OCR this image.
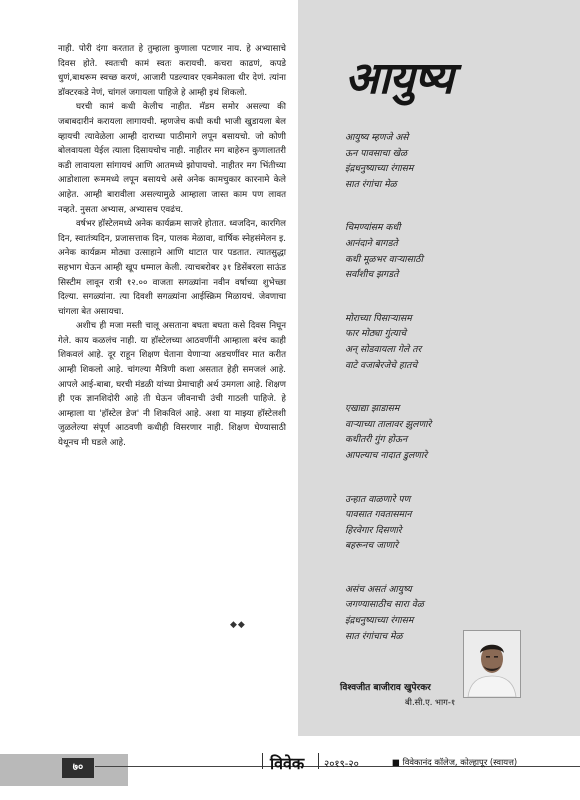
नाही. पोरी दंगा करतात हे तुम्हाला कुणाला पटणार नाय. हे अभ्यासाचे दिवस होते. स्वतःची कामं स्वतः करायची. कचरा काढणं, कपडे धुणं,बाथरूम स्वच्छ करणं, आजारी पडल्यावर एकमेकाला धीर देणं. त्यांना डॉक्टरकडे नेणं, चांगलं जगायला पाहिजे हे आम्ही इथं शिकलो.

घरची कामं कधी केलीच नाहीत. मॅडम समोर असल्या की जबाबदारीनं करायला लागायची. म्हणजेच कधी कधी भाजी खुडायला बेल व्हायची त्यावेळेला आम्ही दाराच्या पाठीमागे लपून बसायचो. जो कोणी बोलवायला येईल त्याला दिसायचोच नाही. नाहीतर मग बाहेरुन कुणालातरी कडी लावायला सांगायचं आणि आतमध्ये झोपायचो. नाहीतर मग भिंतीच्या आडोशाला रूममध्ये लपून बसायचे असे अनेक कामचुकार कारनामे केले आहेत. आम्ही बारावीला असल्यामुळे आम्हाला जास्त काम पण लावत नव्हते. नुसता अभ्यास, अभ्यासच एवढंच.

वर्षभर हॉस्टेलमध्ये अनेक कार्यक्रम साजरे होतात. ध्वजदिन, कारगिल दिन, स्वातंत्र्यदिन, प्रजासत्ताक दिन, पालक मेळावा, वार्षिक स्नेहसंमेलन इ. अनेक कार्यक्रम मोठ्या उत्साहाने आणि थाटात पार पडतात. त्यातसुद्धा सहभाग घेऊन आम्ही खूप धम्माल केली. त्याचबरोबर ३१ डिसेंबरला साऊंड सिस्टीम लावून रात्री १२.०० वाजता सगळ्यांना नवीन वर्षाच्या शुभेच्छा दिल्या. सगळ्यांना. त्या दिवशी सगळ्यांना आईस्क्रिम मिळायचं. जेवणाचा चांगला बेत असायचा.

अशीच ही मजा मस्ती चालू असताना बघता बघता कसे दिवस निघून गेले. काय कळलंच नाही. या हॉस्टेलच्या आठवणींनी आम्हाला बरंच काही शिकवलं आहे. दूर राहून शिक्षण घेताना येणाऱ्या अडचणींवर मात करीत आम्ही शिकलो आहे. चांगल्या मैत्रिणी कशा असतात हेही समजलं आहे. आपले आई-बाबा, घरची मंडळी यांच्या प्रेमाचाही अर्थ उमगला आहे. शिक्षण ही एक ज्ञानशिदोरी आहे ती घेऊन जीवनाची उंची गाठली पाहिजे. हे आम्हाला या 'हॉस्टेल डेज' नी शिकविलं आहे. अशा या माझ्या हॉस्टेलशी जुळलेल्या संपूर्ण आठवणी कधीही विसरणार नाही. शिक्षण घेण्यासाठी येथूनच मी घडले आहे.

◆◆
आयुष्य
आयुष्य म्हणजे असे
ऊन पावसाचा खेळ
इंद्रधनुष्याच्या रंगासम
सात रंगांचा मेळ
चिमण्यांसम कधी
आनंदाने बागडते
कधी मूळभर वाऱ्यासाठी
सर्वांशीच झगडते
मोराच्या पिसाऱ्यासम
फार मोठ्या गुंत्याचे
अन् सोडवायला गेले तर
वाटे वजाबेरजेचे हातचे
एखाद्या झाडासम
वाऱ्याच्या तालावर झुलणारे
कधीतरी गुंग होऊन
आपल्याच नादात डुलणारे
उन्हात वाळणारे पण
पावसात गवतासमान
हिरवेगार दिसणारे
बहरूनच जाणारे
असंच असतं आयुष्य
जगण्यासाठीच सारा वेळ
इंद्रधनुष्याच्या रंगासम
सात रंगांचाच मेळ
विश्वजीत बाजीराव खुपेरकर
बी.सी.ए. भाग-१
७०	विवेक २०१९-२०	■ विवेकानंद कॉलेज, कोल्हापूर (स्वायत्त)
